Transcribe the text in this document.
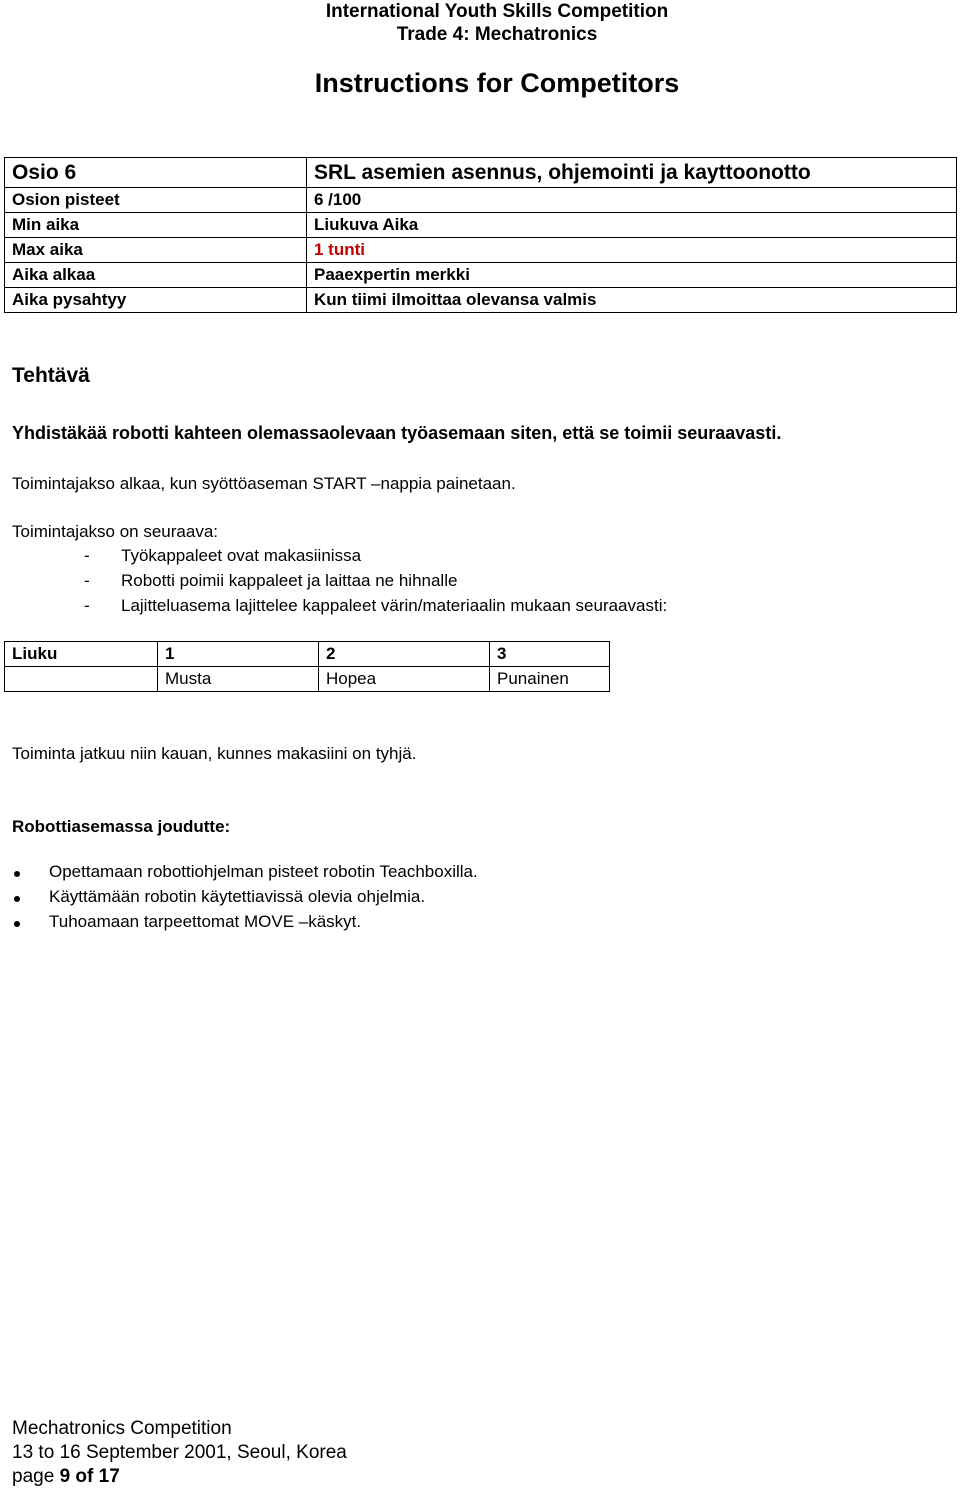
International Youth Skills Competition
Trade 4: Mechatronics
Instructions for Competitors
Osio 6	SRL asemien asennus, ohjemointi ja kayttoonotto
Osion pisteet	6 /100
Min aika	Liukuva Aika
Max aika	1 tunti
Aika alkaa	Paaexpertin merkki
Aika pysahtyy	Kun tiimi ilmoittaa olevansa valmis
Tehtävä
Yhdistäkää robotti kahteen olemassaolevaan työasemaan siten, että se toimii seuraavasti.
Toimintajakso alkaa, kun syöttöaseman START –nappia painetaan.
Toimintajakso on seuraava:
-	Työkappaleet ovat makasiinissa
-	Robotti poimii kappaleet ja laittaa ne hihnalle
-	Lajitteluasema lajittelee kappaleet värin/materiaalin mukaan seuraavasti:
Liuku	1	2	3
	Musta	Hopea	Punainen
Toiminta jatkuu niin kauan, kunnes makasiini on tyhjä.
Robottiasemassa joudutte:
Opettamaan robottiohjelman pisteet robotin Teachboxilla.
Käyttämään robotin käytettiavissä olevia ohjelmia.
Tuhoamaan tarpeettomat MOVE –käskyt.
Mechatronics Competition
13 to 16 September 2001, Seoul, Korea
page 9 of 17
